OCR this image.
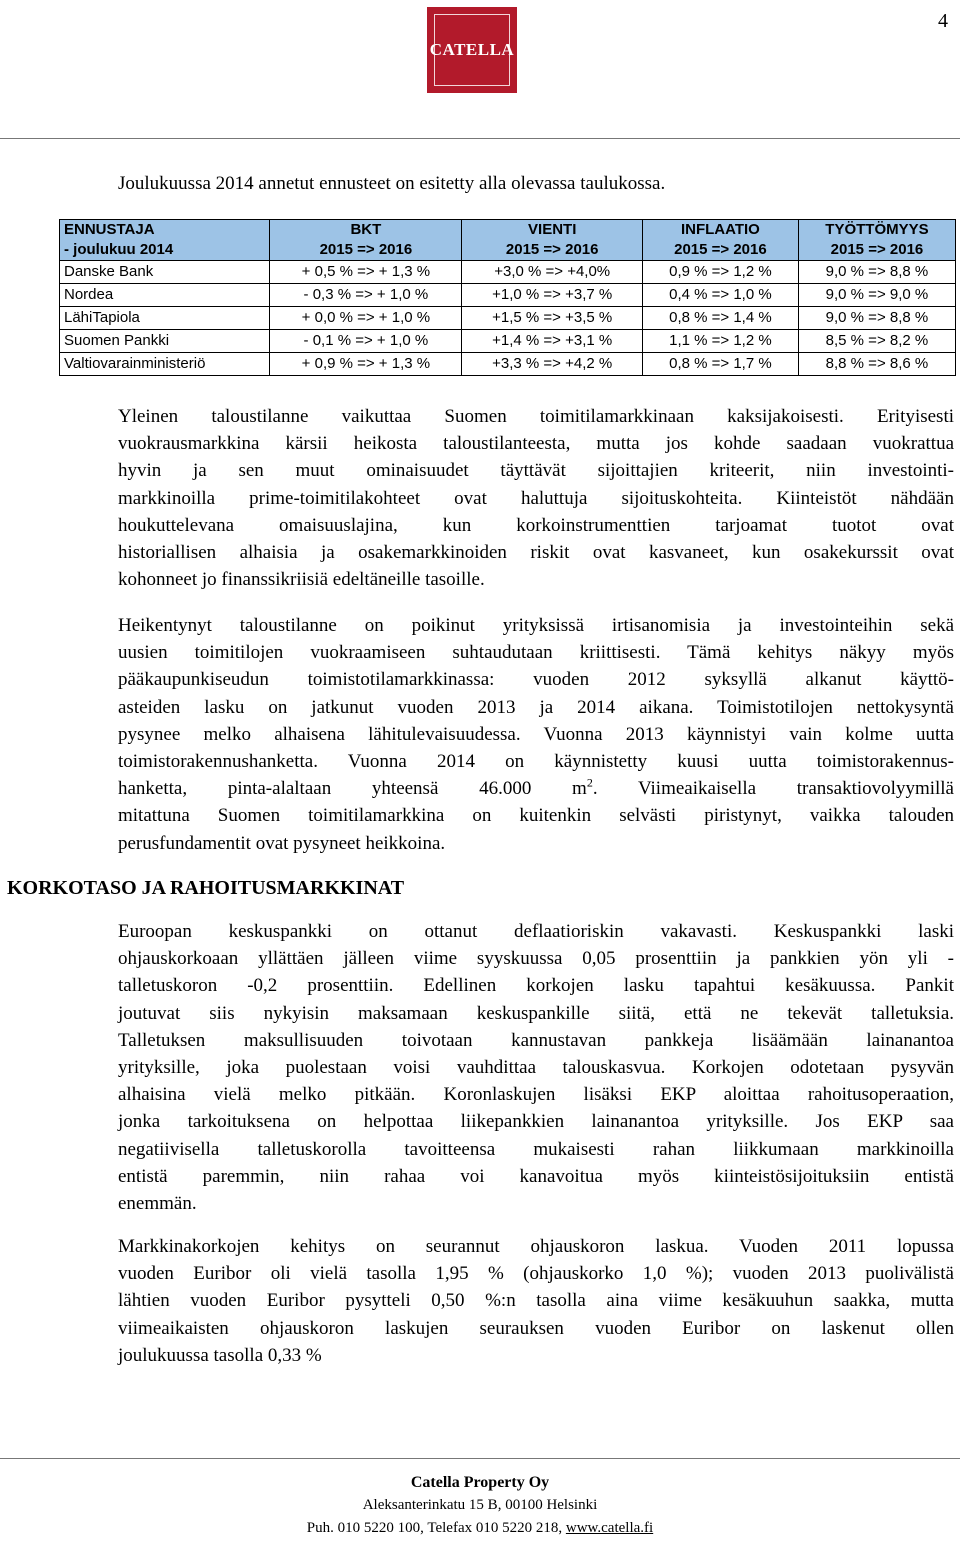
4
CATELLA
Joulukuussa 2014 annetut ennusteet on esitetty alla olevassa taulukossa.
ENNUSTAJA	BKT	VIENTI	INFLAATIO	TYÖTTÖMYYS
- joulukuu 2014	2015 => 2016	2015 => 2016	2015 => 2016	2015 => 2016
Danske Bank	+ 0,5 % => + 1,3 %	+3,0 % => +4,0%	0,9 % => 1,2 %	9,0 % => 8,8 %
Nordea	- 0,3 % => + 1,0 %	+1,0 % => +3,7 %	0,4 % => 1,0 %	9,0 % => 9,0 %
LähiTapiola	+ 0,0 % => + 1,0 %	+1,5 % => +3,5 %	0,8 % => 1,4 %	9,0 % => 8,8 %
Suomen Pankki	- 0,1 % => + 1,0 %	+1,4 % => +3,1 %	1,1 % => 1,2 %	8,5 % => 8,2 %
Valtiovarainministeriö	+ 0,9 % => + 1,3 %	+3,3 % => +4,2 %	0,8 % => 1,7 %	8,8 % => 8,6 %
Yleinen taloustilanne vaikuttaa Suomen toimitilamarkkinaan kaksijakoisesti. Erityisesti
vuokrausmarkkina kärsii heikosta taloustilanteesta, mutta jos kohde saadaan vuokrattua
hyvin ja sen muut ominaisuudet täyttävät sijoittajien kriteerit, niin investointi-
markkinoilla prime-toimitilakohteet ovat haluttuja sijoituskohteita. Kiinteistöt nähdään
houkuttelevana omaisuuslajina, kun korkoinstrumenttien tarjoamat tuotot ovat
historiallisen alhaisia ja osakemarkkinoiden riskit ovat kasvaneet, kun osakekurssit ovat
kohonneet jo finanssikriisiä edeltäneille tasoille.
Heikentynyt taloustilanne on poikinut yrityksissä irtisanomisia ja investointeihin sekä
uusien toimitilojen vuokraamiseen suhtaudutaan kriittisesti. Tämä kehitys näkyy myös
pääkaupunkiseudun toimistotilamarkkinassa: vuoden 2012 syksyllä alkanut käyttö-
asteiden lasku on jatkunut vuoden 2013 ja 2014 aikana. Toimistotilojen nettokysyntä
pysynee melko alhaisena lähitulevaisuudessa. Vuonna 2013 käynnistyi vain kolme uutta
toimistorakennushanketta. Vuonna 2014 on käynnistetty kuusi uutta toimistorakennus-
hanketta, pinta-alaltaan yhteensä 46.000 $m^2$. Viimeaikaisella transaktiovolyymillä
mitattuna Suomen toimitilamarkkina on kuitenkin selvästi piristynyt, vaikka talouden
perusfundamentit ovat pysyneet heikkoina.
KORKOTASO JA RAHOITUSMARKKINAT
Euroopan keskuspankki on ottanut deflaatioriskin vakavasti. Keskuspankki laski
ohjauskorkoaan yllättäen jälleen viime syyskuussa 0,05 prosenttiin ja pankkien yön yli -
talletuskoron -0,2 prosenttiin. Edellinen korkojen lasku tapahtui kesäkuussa. Pankit
joutuvat siis nykyisin maksamaan keskuspankille siitä, että ne tekevät talletuksia.
Talletuksen maksullisuuden toivotaan kannustavan pankkeja lisäämään lainanantoa
yrityksille, joka puolestaan voisi vauhdittaa talouskasvua. Korkojen odotetaan pysyvän
alhaisina vielä melko pitkään. Koronlaskujen lisäksi EKP aloittaa rahoitusoperaation,
jonka tarkoituksena on helpottaa liikepankkien lainanantoa yrityksille. Jos EKP saa
negatiivisella talletuskorolla tavoitteensa mukaisesti rahan liikkumaan markkinoilla
entistä paremmin, niin rahaa voi kanavoitua myös kiinteistösijoituksiin entistä
enemmän.
Markkinakorkojen kehitys on seurannut ohjauskoron laskua. Vuoden 2011 lopussa
vuoden Euribor oli vielä tasolla 1,95 % (ohjauskorko 1,0 %); vuoden 2013 puolivälistä
lähtien vuoden Euribor pysytteli 0,50 %:n tasolla aina viime kesäkuuhun saakka, mutta
viimeaikaisten ohjauskoron laskujen seurauksen vuoden Euribor on laskenut ollen
joulukuussa tasolla 0,33 %
Catella Property Oy
Aleksanterinkatu 15 B, 00100 Helsinki
Puh. 010 5220 100, Telefax 010 5220 218, www.catella.fi
